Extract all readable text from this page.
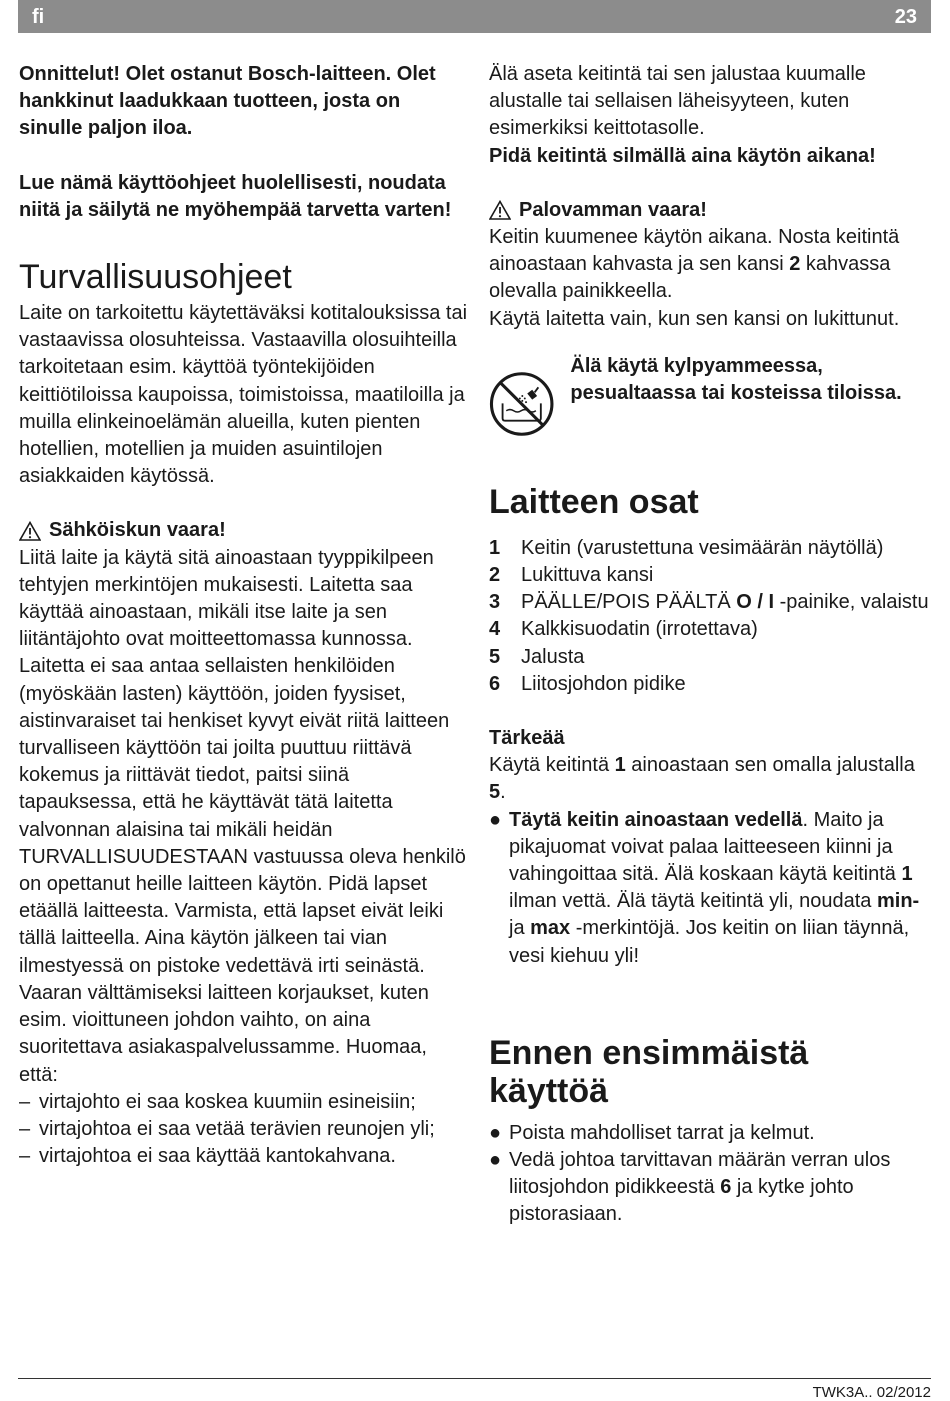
fi	23

Onnittelut! Olet ostanut Bosch-laitteen. Olet hankkinut laadukkaan tuotteen, josta on sinulle paljon iloa.

Lue nämä käyttöohjeet huolellisesti, noudata niitä ja säilytä ne myöhempää tarvetta varten!

Turvallisuusohjeet

Laite on tarkoitettu käytettäväksi kotitalouksissa tai vastaavissa olosuhteissa. Vastaavilla olosuihteilla tarkoitetaan esim. käyttöä työntekijöiden keittiötiloissa kaupoissa, toimistoissa, maatiloilla ja muilla elinkeinoelämän alueilla, kuten pienten hotellien, motellien ja muiden asuintilojen asiakkaiden käytössä.

Sähköiskun vaara!

Liitä laite ja käytä sitä ainoastaan tyyppikilpeen tehtyjen merkintöjen mukaisesti. Laitetta saa käyttää ainoastaan, mikäli itse laite ja sen liitäntäjohto ovat moitteettomassa kunnossa. Laitetta ei saa antaa sellaisten henkilöiden (myöskään lasten) käyttöön, joiden fyysiset, aistinvaraiset tai henkiset kyvyt eivät riitä laitteen turvalliseen käyttöön tai joilta puuttuu riittävä kokemus ja riittävät tiedot, paitsi siinä tapauksessa, että he käyttävät tätä laitetta valvonnan alaisina tai mikäli heidän TURVALLISUUDESTAAN vastuussa oleva henkilö on opettanut heille laitteen käytön. Pidä lapset etäällä laitteesta. Varmista, että lapset eivät leiki tällä laitteella. Aina käytön jälkeen tai vian ilmestyessä on pistoke vedettävä irti seinästä. Vaaran välttämiseksi laitteen korjaukset, kuten esim. vioittuneen johdon vaihto, on aina suoritettava asiakaspalvelussamme. Huomaa, että:

– virtajohto ei saa koskea kuumiin esineisiin;
– virtajohtoa ei saa vetää terävien reunojen yli;
– virtajohtoa ei saa käyttää kantokahvana.

Älä aseta keitintä tai sen jalustaa kuumalle alustalle tai sellaisen läheisyyteen, kuten esimerkiksi keittotasolle.

Pidä keitintä silmällä aina käytön aikana!

Palovamman vaara!

Keitin kuumenee käytön aikana. Nosta keitintä ainoastaan kahvasta ja sen kansi 2 kahvassa olevalla painikkeella.

Käytä laitetta vain, kun sen kansi on lukittunut.

Älä käytä kylpyammeessa, pesualtaassa tai kosteissa tiloissa.
Laitteen osat
1 Keitin (varustettuna vesimäärän näytöllä)
2 Lukittuva kansi
3 PÄÄLLE/POIS PÄÄLTÄ O / I -painike, valaistu
4 Kalkkisuodatin (irrotettava)
5 Jalusta
6 Liitosjohdon pidike

Tärkeää

Käytä keitintä 1 ainoastaan sen omalla jalustalla 5.

● Täytä keitin ainoastaan vedellä. Maito ja pikajuomat voivat palaa laitteeseen kiinni ja vahingoittaa sitä. Älä koskaan käytä keitintä 1 ilman vettä. Älä täytä keitintä yli, noudata min- ja max -merkintöjä. Jos keitin on liian täynnä, vesi kiehuu yli!
Ennen ensimmäistä käyttöä
● Poista mahdolliset tarrat ja kelmut.
● Vedä johtoa tarvittavan määrän verran ulos liitosjohdon pidikkeestä 6 ja kytke johto pistorasiaan.
TWK3A.. 02/2012
